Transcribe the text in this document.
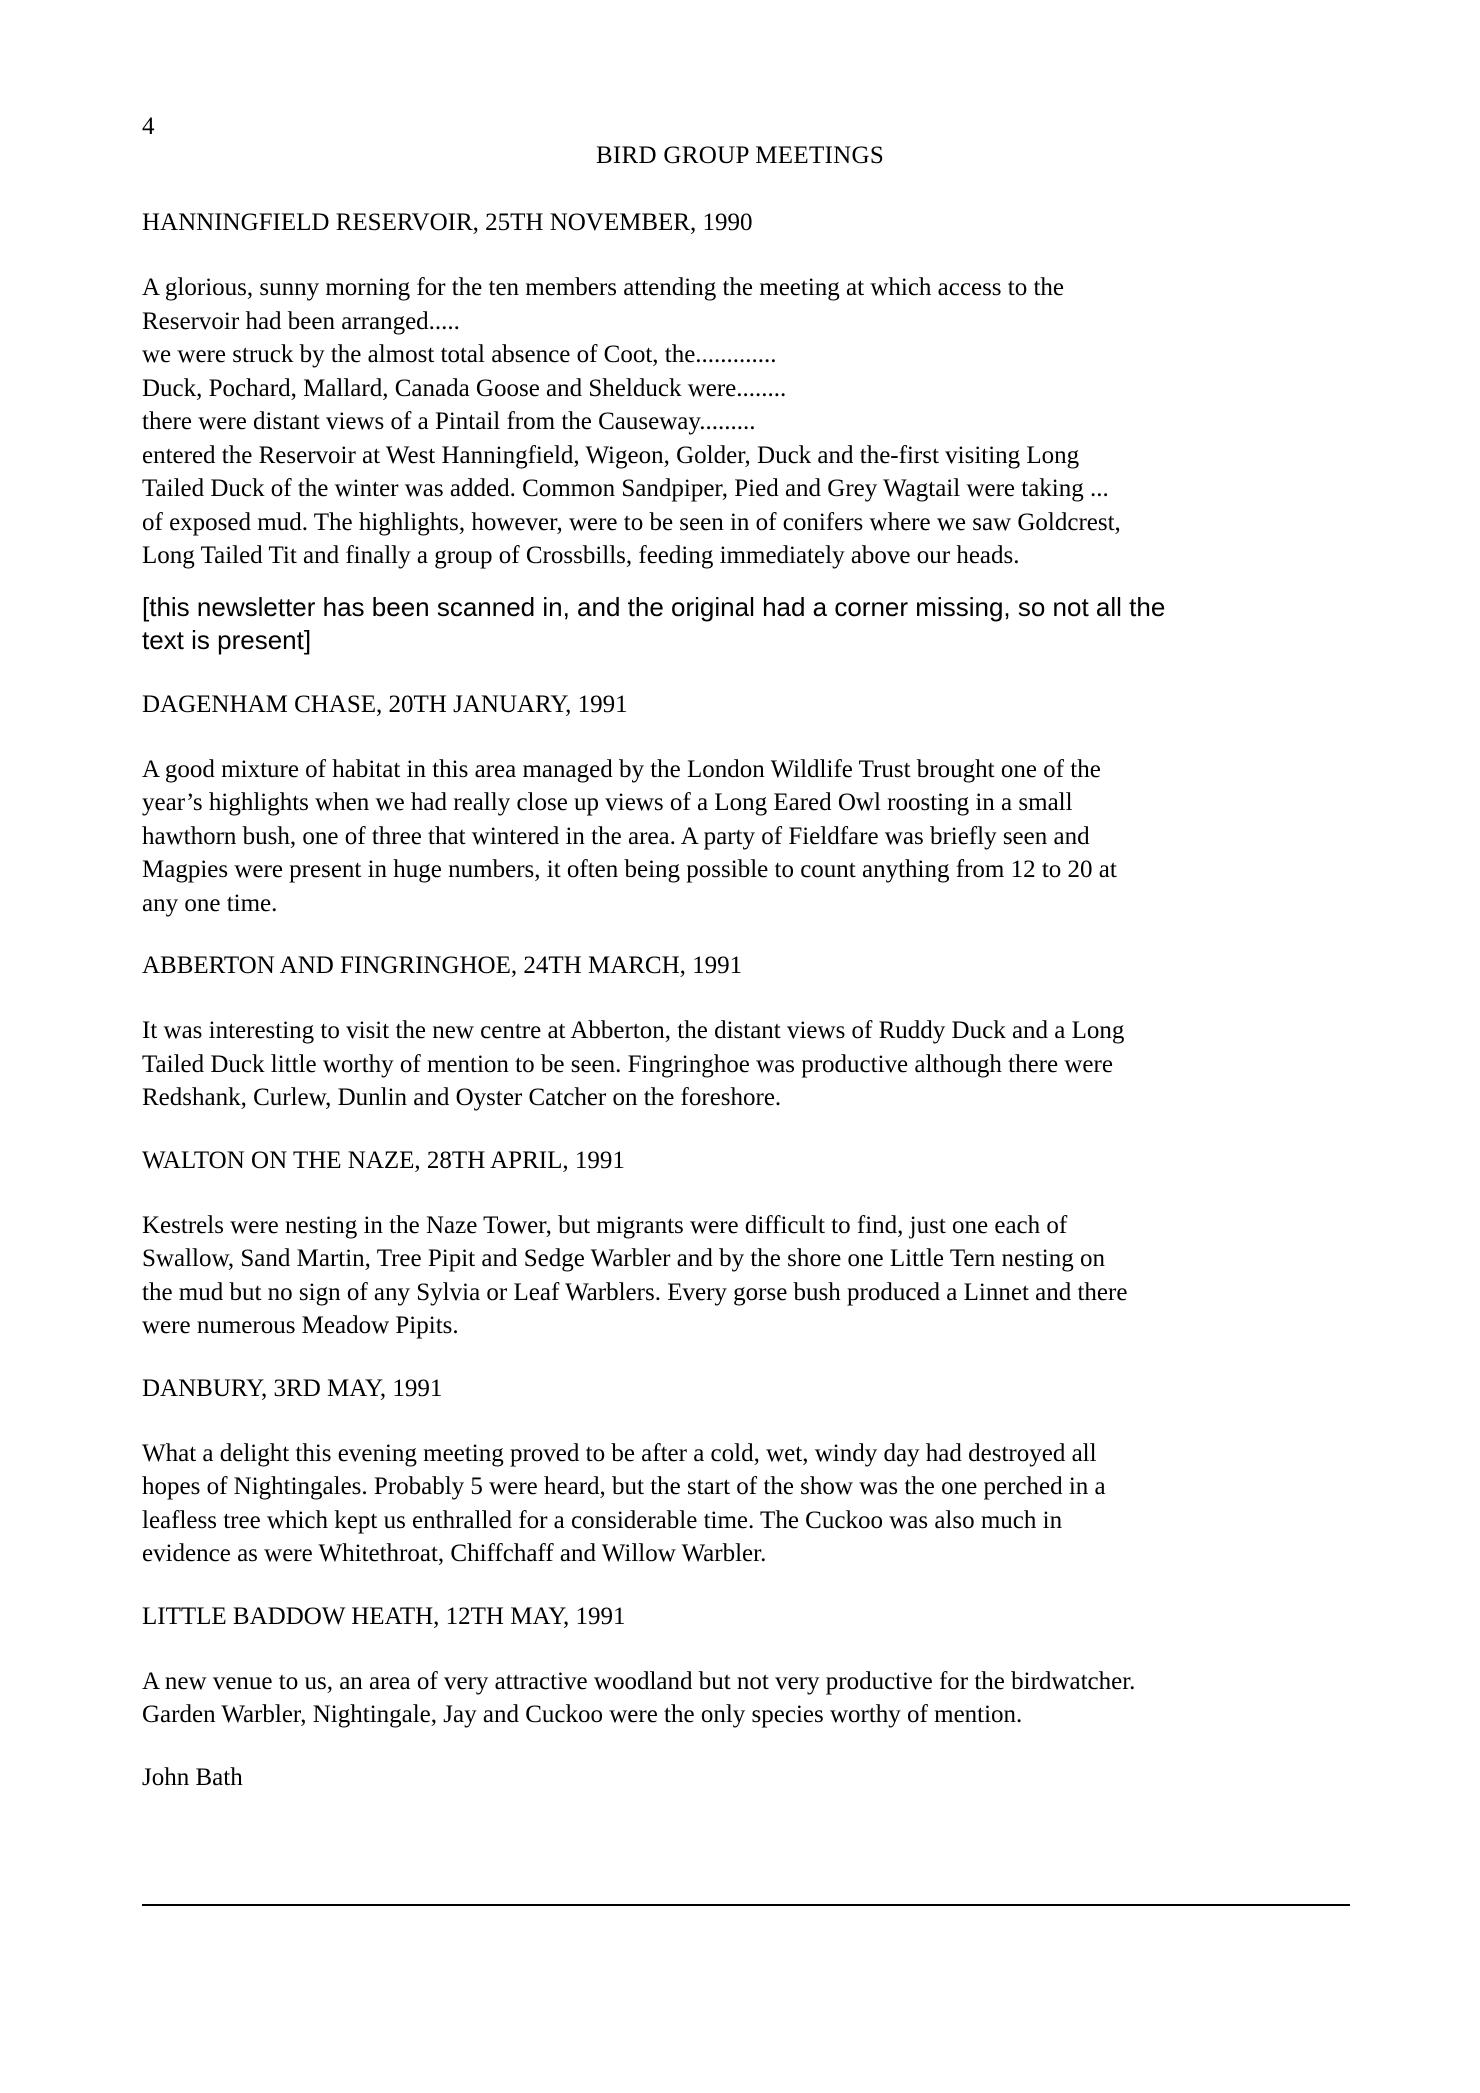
4
BIRD GROUP MEETINGS
HANNINGFIELD RESERVOIR, 25TH NOVEMBER, 1990
A glorious, sunny morning for the ten members attending the meeting at which access to the
Reservoir had been arranged.....
we were struck by the almost total absence of Coot, the.............
Duck, Pochard, Mallard, Canada Goose and Shelduck were........
there were distant views of a Pintail from the Causeway.........
entered the Reservoir at West Hanningfield, Wigeon, Golder, Duck and the-first visiting Long
Tailed Duck of the winter was added. Common Sandpiper, Pied and Grey Wagtail were taking ...
of exposed mud. The highlights, however, were to be seen in of conifers where we saw Goldcrest,
Long Tailed Tit and finally a group of Crossbills, feeding immediately above our heads.
[this newsletter has been scanned in, and the original had a corner missing, so not all the
text is present]
DAGENHAM CHASE, 20TH JANUARY, 1991
A good mixture of habitat in this area managed by the London Wildlife Trust brought one of the
year’s highlights when we had really close up views of a Long Eared Owl roosting in a small
hawthorn bush, one of three that wintered in the area. A party of Fieldfare was briefly seen and
Magpies were present in huge numbers, it often being possible to count anything from 12 to 20 at
any one time.
ABBERTON AND FINGRINGHOE, 24TH MARCH, 1991
It was interesting to visit the new centre at Abberton, the distant views of Ruddy Duck and a Long
Tailed Duck little worthy of mention to be seen. Fingringhoe was productive although there were
Redshank, Curlew, Dunlin and Oyster Catcher on the foreshore.
WALTON ON THE NAZE, 28TH APRIL, 1991
Kestrels were nesting in the Naze Tower, but migrants were difficult to find, just one each of
Swallow, Sand Martin, Tree Pipit and Sedge Warbler and by the shore one Little Tern nesting on
the mud but no sign of any Sylvia or Leaf Warblers. Every gorse bush produced a Linnet and there
were numerous Meadow Pipits.
DANBURY, 3RD MAY, 1991
What a delight this evening meeting proved to be after a cold, wet, windy day had destroyed all
hopes of Nightingales. Probably 5 were heard, but the start of the show was the one perched in a
leafless tree which kept us enthralled for a considerable time. The Cuckoo was also much in
evidence as were Whitethroat, Chiffchaff and Willow Warbler.
LITTLE BADDOW HEATH, 12TH MAY, 1991
A new venue to us, an area of very attractive woodland but not very productive for the birdwatcher.
Garden Warbler, Nightingale, Jay and Cuckoo were the only species worthy of mention.
John Bath
